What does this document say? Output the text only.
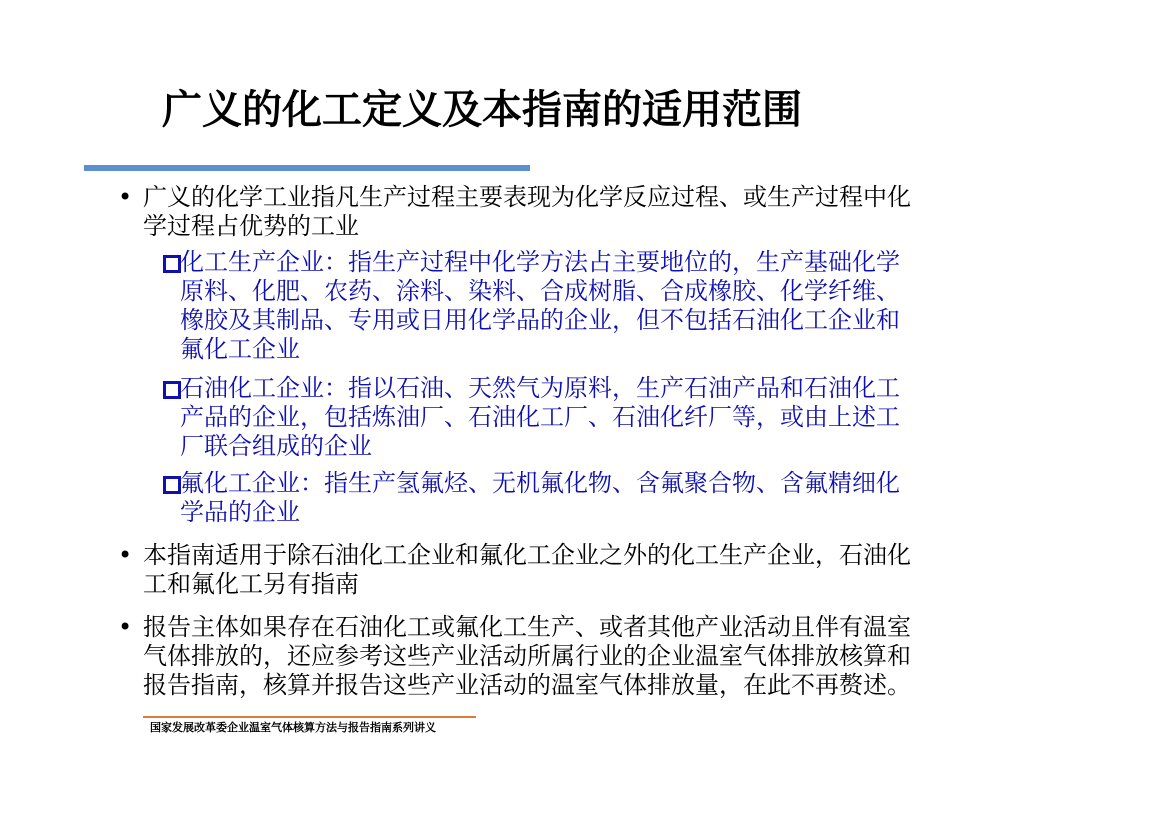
广义的化工定义及本指南的适用范围
• 广义的化学工业指凡生产过程主要表现为化学反应过程、或生产过程中化
学过程占优势的工业
化工生产企业：指生产过程中化学方法占主要地位的，生产基础化学
原料、化肥、农药、涂料、染料、合成树脂、合成橡胶、化学纤维、
橡胶及其制品、专用或日用化学品的企业，但不包括石油化工企业和
氟化工企业
石油化工企业：指以石油、天然气为原料，生产石油产品和石油化工
产品的企业，包括炼油厂、石油化工厂、石油化纤厂等，或由上述工
厂联合组成的企业
氟化工企业：指生产氢氟烃、无机氟化物、含氟聚合物、含氟精细化
学品的企业
• 本指南适用于除石油化工企业和氟化工企业之外的化工生产企业，石油化
工和氟化工另有指南
• 报告主体如果存在石油化工或氟化工生产、或者其他产业活动且伴有温室
气体排放的，还应参考这些产业活动所属行业的企业温室气体排放核算和
报告指南，核算并报告这些产业活动的温室气体排放量，在此不再赘述。
国家发展改革委企业温室气体核算方法与报告指南系列讲义
